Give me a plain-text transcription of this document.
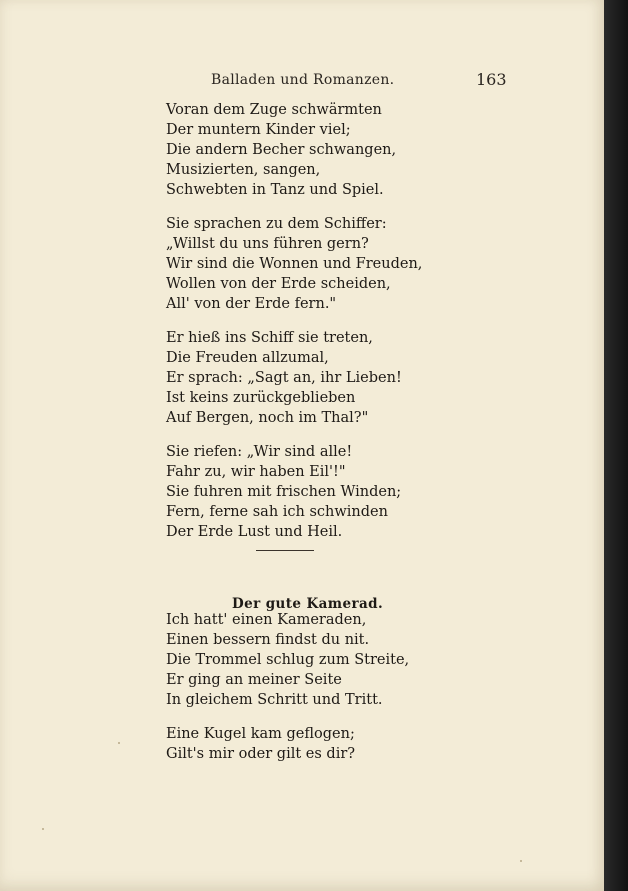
Balladen und Romanzen.	163
Voran dem Zuge schwärmten
Der muntern Kinder viel;
Die andern Becher schwangen,
Musizierten, sangen,
Schwebten in Tanz und Spiel.
Sie sprachen zu dem Schiffer:
„Willst du uns führen gern?
Wir sind die Wonnen und Freuden,
Wollen von der Erde scheiden,
All' von der Erde fern."
Er hieß ins Schiff sie treten,
Die Freuden allzumal,
Er sprach: „Sagt an, ihr Lieben!
Ist keins zurückgeblieben
Auf Bergen, noch im Thal?"
Sie riefen: „Wir sind alle!
Fahr zu, wir haben Eil'!"
Sie fuhren mit frischen Winden;
Fern, ferne sah ich schwinden
Der Erde Lust und Heil.
Der gute Kamerad.
Ich hatt' einen Kameraden,
Einen bessern findst du nit.
Die Trommel schlug zum Streite,
Er ging an meiner Seite
In gleichem Schritt und Tritt.
Eine Kugel kam geflogen;
Gilt's mir oder gilt es dir?
